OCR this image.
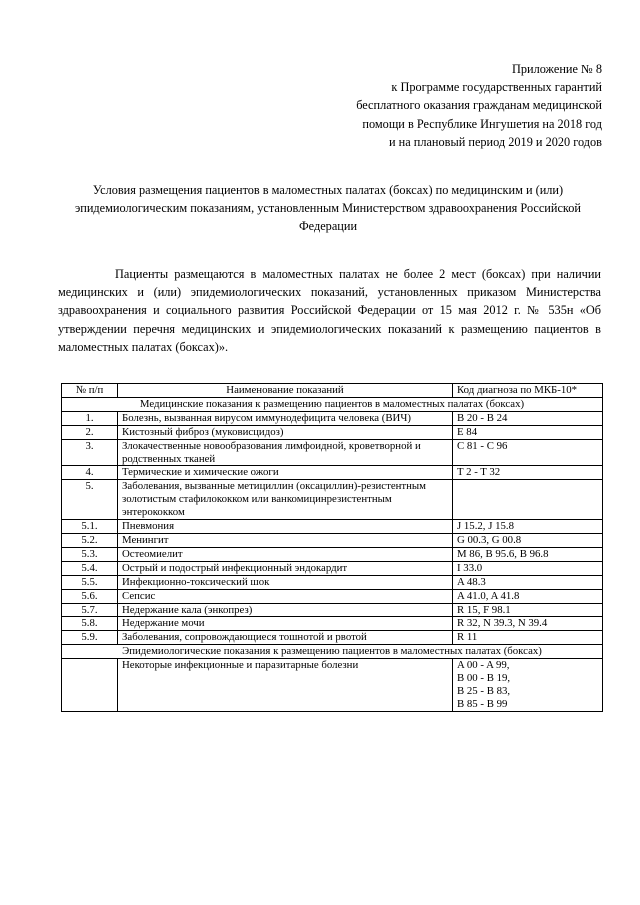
Приложение № 8
к Программе государственных гарантий
бесплатного оказания гражданам медицинской
помощи в Республике Ингушетия на 2018 год
и на плановый период 2019 и 2020 годов
Условия размещения пациентов в маломестных палатах (боксах) по медицинским и (или) эпидемиологическим показаниям, установленным Министерством здравоохранения Российской Федерации
Пациенты размещаются в маломестных палатах не более 2 мест (боксах) при наличии медицинских и (или) эпидемиологических показаний, установленных приказом Министерства здравоохранения и социального развития Российской Федерации от 15 мая 2012 г. № 535н «Об утверждении перечня медицинских и эпидемиологических показаний к размещению пациентов в маломестных палатах (боксах)».
№ п/п	Наименование показаний	Код диагноза по МКБ-10*
Медицинские показания к размещению пациентов в маломестных палатах (боксах)		
1.	Болезнь, вызванная вирусом иммунодефицита человека (ВИЧ)	B 20 - B 24
2.	Кистозный фиброз (муковисцидоз)	E 84
3.	Злокачественные новообразования лимфоидной, кроветворной и родственных тканей	C 81 - C 96
4.	Термические и химические ожоги	T 2 - T 32
5.	Заболевания, вызванные метициллин (оксациллин)-резистентным золотистым стафилококком или ванкомицинрезистентным энтерококком	
5.1.	Пневмония	J 15.2, J 15.8
5.2.	Менингит	G 00.3, G 00.8
5.3.	Остеомиелит	M 86, B 95.6, B 96.8
5.4.	Острый и подострый инфекционный эндокардит	I 33.0
5.5.	Инфекционно-токсический шок	A 48.3
5.6.	Сепсис	A 41.0, A 41.8
5.7.	Недержание кала (энкопрез)	R 15, F 98.1
5.8.	Недержание мочи	R 32, N 39.3, N 39.4
5.9.	Заболевания, сопровождающиеся тошнотой и рвотой	R 11
Эпидемиологические показания к размещению пациентов в маломестных палатах (боксах)		
	Некоторые инфекционные и паразитарные болезни	A 00 - A 99,
B 00 - B 19,
B 25 - B 83,
B 85 - B 99
